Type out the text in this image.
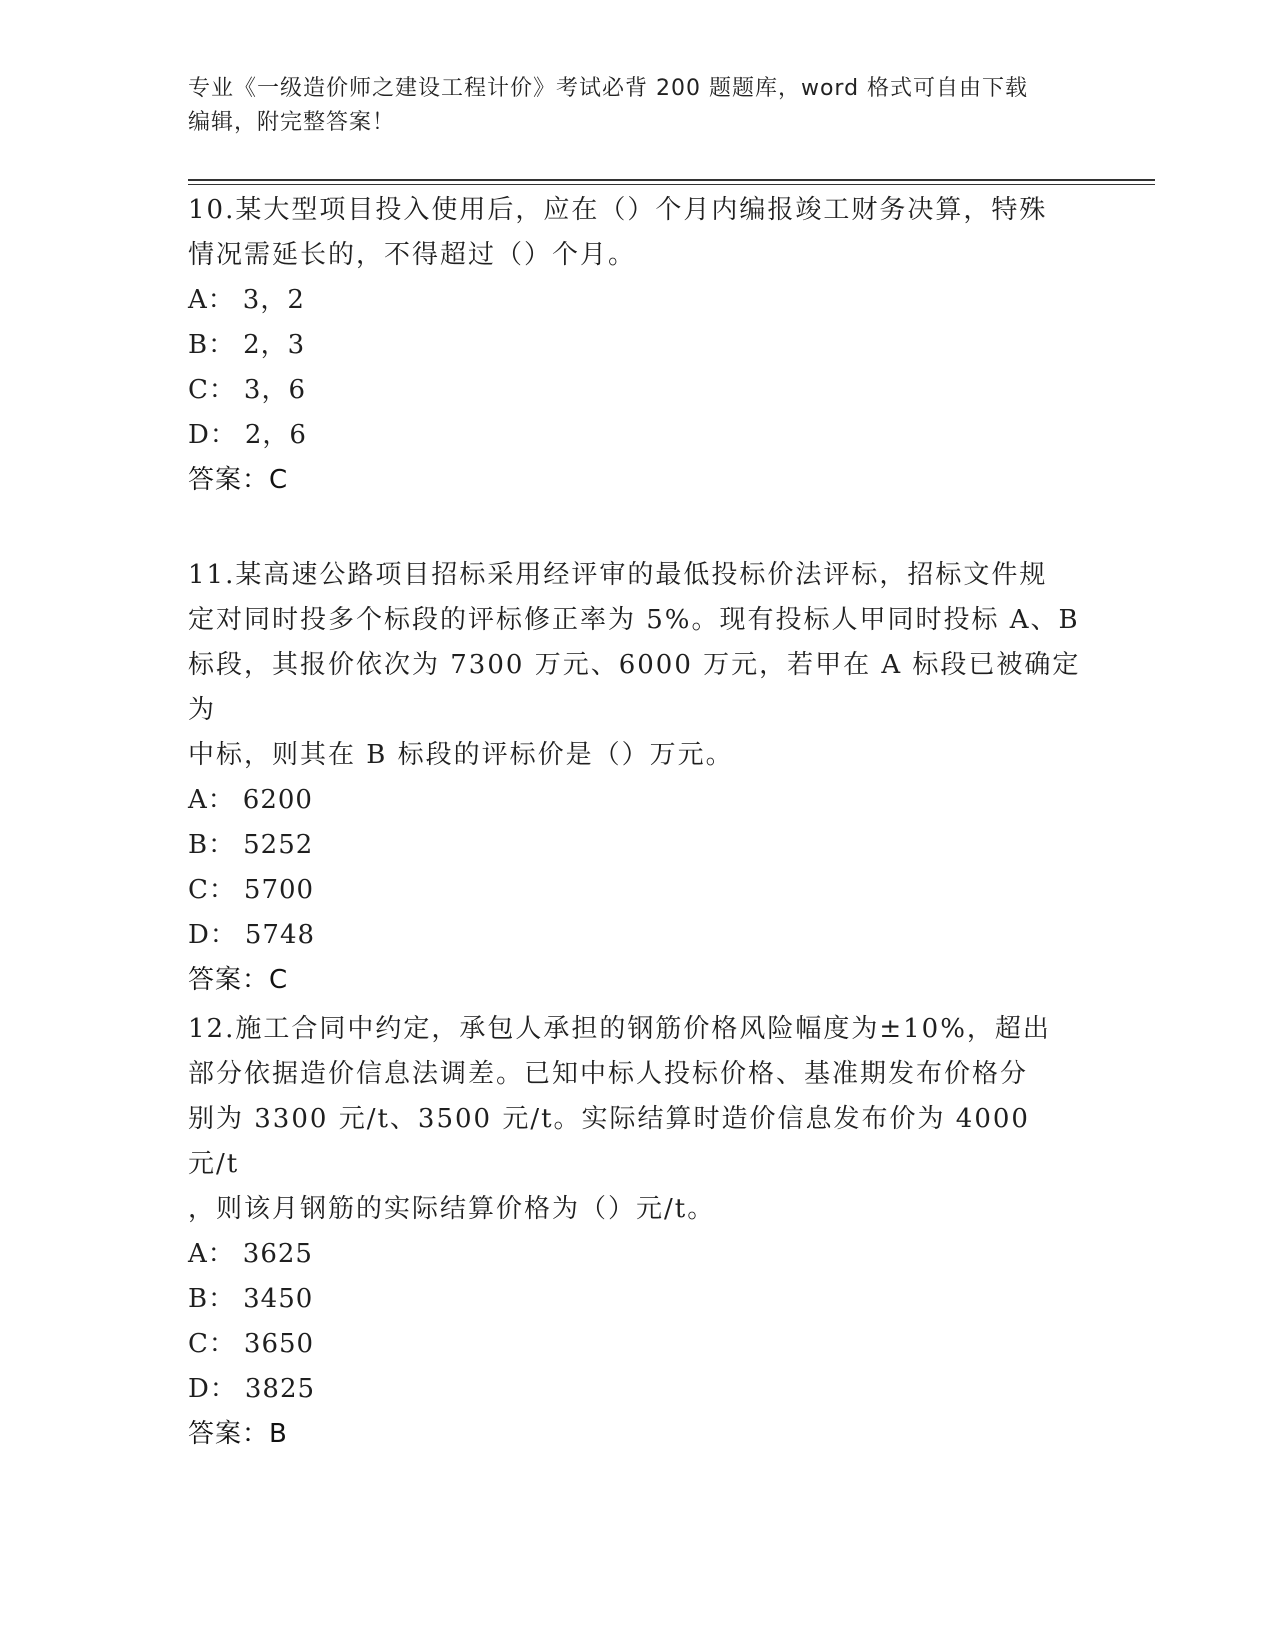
专业《一级造价师之建设工程计价》考试必背 200 题题库，word 格式可自由下载
编辑，附完整答案！

10.某大型项目投入使用后，应在（）个月内编报竣工财务决算，特殊

情况需延长的，不得超过（）个月。

A： 3，2

B： 2，3

C： 3，6

D： 2，6

答案：C

11.某高速公路项目招标采用经评审的最低投标价法评标，招标文件规

定对同时投多个标段的评标修正率为 5%。现有投标人甲同时投标 A、B

标段，其报价依次为 7300 万元、6000 万元，若甲在 A 标段已被确定为

中标，则其在 B 标段的评标价是（）万元。

A： 6200

B： 5252

C： 5700

D： 5748

答案：C

12.施工合同中约定，承包人承担的钢筋价格风险幅度为±10%，超出

部分依据造价信息法调差。已知中标人投标价格、基准期发布价格分

别为 3300 元/t、3500 元/t。实际结算时造价信息发布价为 4000 元/t

，则该月钢筋的实际结算价格为（）元/t。

A： 3625

B： 3450

C： 3650

D： 3825

答案：B
